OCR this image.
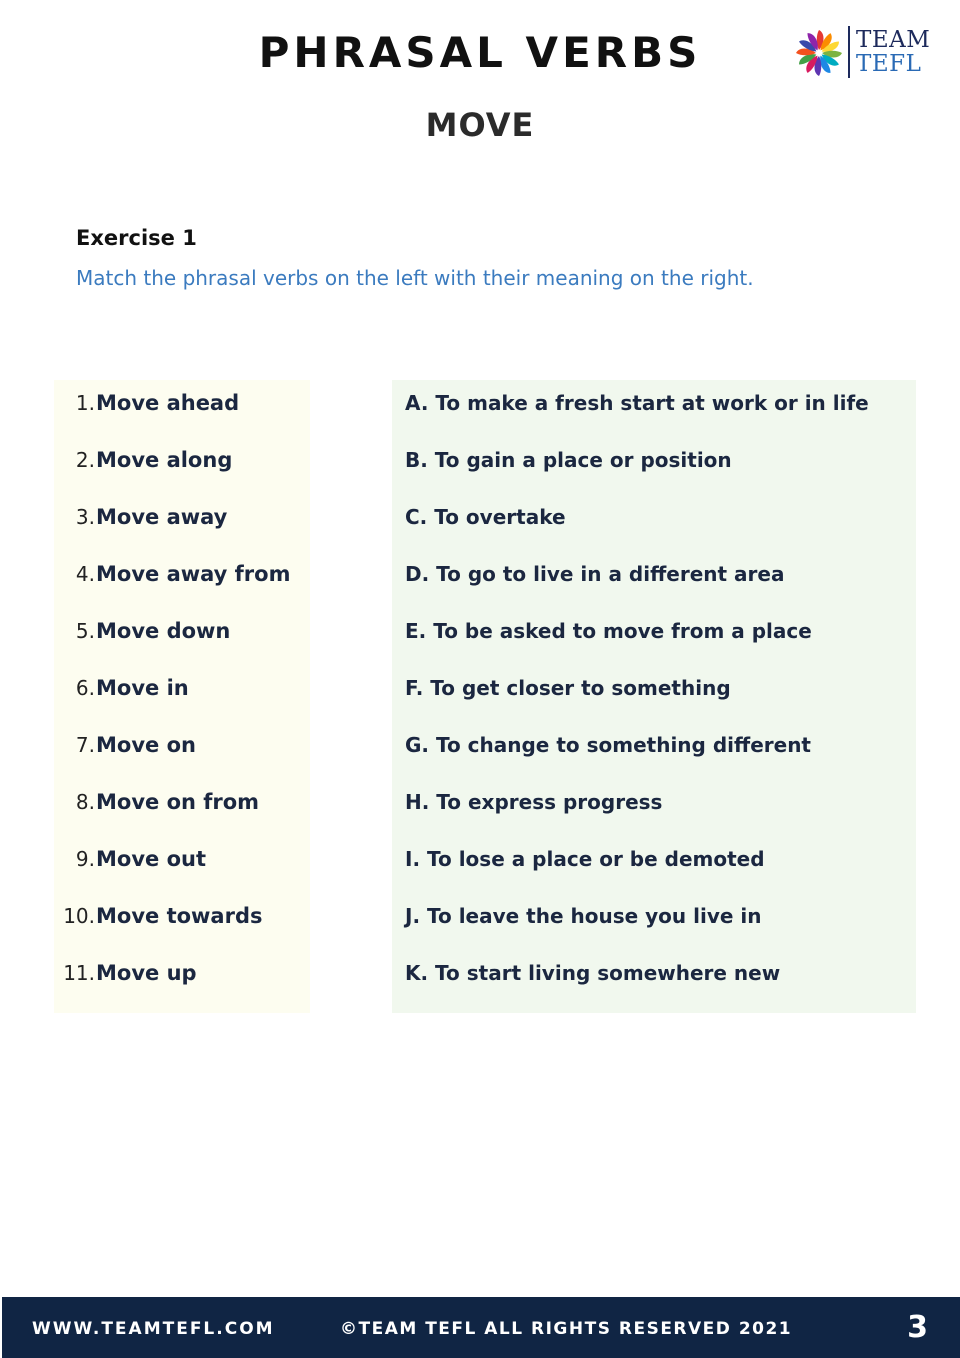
PHRASAL VERBS
MOVE
TEAM
TEFL
Exercise 1
Match the phrasal verbs on the left with their meaning on the right.
1. Move ahead
2. Move along
3. Move away
4. Move away from
5. Move down
6. Move in
7. Move on
8. Move on from
9. Move out
10. Move towards
11. Move up
A. To make a fresh start at work or in life
B. To gain a place or position
C. To overtake
D. To go to live in a different area
E. To be asked to move from a place
F. To get closer to something
G. To change to something different
H. To express progress
I. To lose a place or be demoted
J. To leave the house you live in
K. To start living somewhere new
WWW.TEAMTEFL.COM	©TEAM TEFL ALL RIGHTS RESERVED 2021	3
